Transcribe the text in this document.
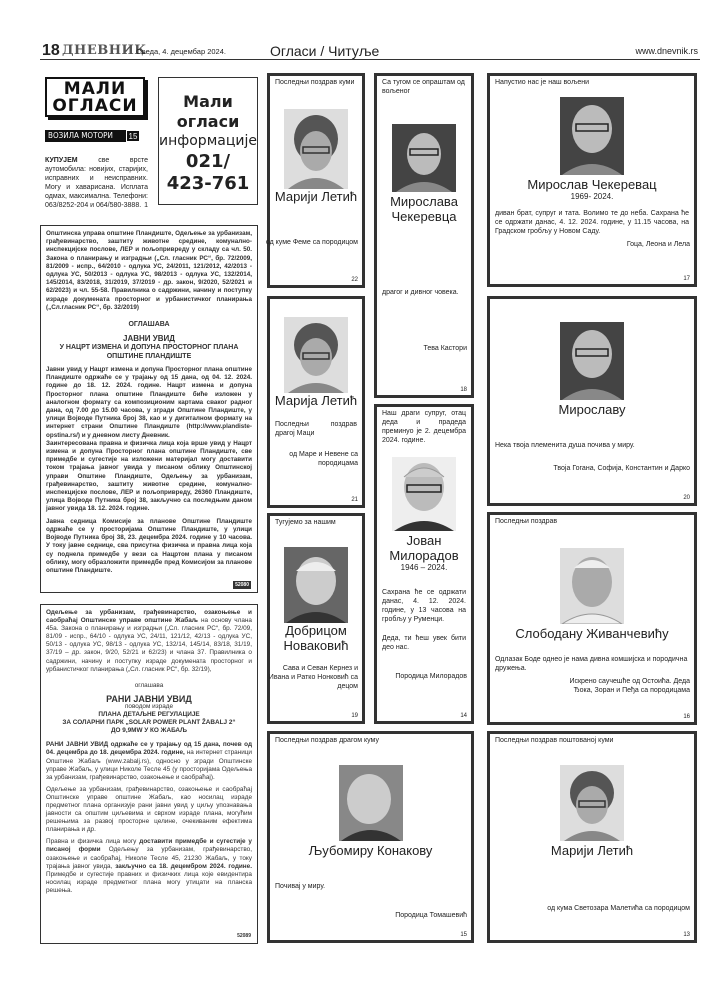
18 ДНЕВНИК
Среда, 4. децембар 2024.	Огласи / Читуље	www.dnevnik.rs
МАЛИ
ОГЛАСИ
ВОЗИЛА МОТОРИ	15
КУПУЈЕМ	све врсте аутомобила: новијих, старијих, исправних и неисправних. Могу и хаварисана. Исплата одмах, максимална. Телефони: 063/8252-204 и 064/580-3888. 1
Мали
огласи
информације
021/
423-761
Општинска управа општине Пландиште, Одељење за урбанизам, грађевинарство, заштиту животне средине, комунално-инспекцијске послове, ЛЕР и пољопривреду у складу са чл. 50. Закона о планирању и изградњи („Сл. гласник РС“, бр. 72/2009, 81/2009 - испр., 64/2010 - одлука УС, 24/2011, 121/2012, 42/2013 - одлука УС, 50/2013 - одлука УС, 98/2013 - одлука УС, 132/2014, 145/2014, 83/2018, 31/2019, 37/2019 - др. закон, 9/2020, 52/2021 и 62/2023) и чл. 55-58. Правилника о садржини, начину и поступку израде докумената просторног и урбанистичког планирања („Сл.гласник РС“, бр. 32/2019)
ОГЛАШАВА
ЈАВНИ УВИД
У НАЦРТ ИЗМЕНА И ДОПУНА ПРОСТОРНОГ ПЛАНА ОПШТИНЕ ПЛАНДИШТЕ
Јавни увид у Нацрт измена и допуна Просторног плана општине Пландиште одржаће се у трајању од 15 дана, од 04. 12. 2024. године до 18. 12. 2024. године. Нацрт измена и допуна Просторног плана општине Пландиште биће изложен у аналогном формату са композиционим картама сваког радног дана, од 7.00 до 15.00 часова, у згради Општине Пландиште, у улици Војводе Путника број 38, као и у дигиталном формату на интернет страни Општине Пландиште (http://www.plandiste-opstina.rs/) и у дневном листу Дневник.
Заинтересована правна и физичка лица која врше увид у Нацрт измена и допуна Просторног плана општине Пландиште, све примедбе и сугестије на изложени материјал могу доставити током трајања јавног увида у писаном облику Општинској управи Општине Пландиште, Одељењу за урбанизам, грађевинарство, заштиту животне средине, комунално-инспекцијске послове, ЛЕР и пољопривреду, 26360 Пландиште, улица Војводе Путника број 38, закључно са последњим даном јавног увида 18. 12. 2024. године.
Јавна седница Комисије за планове Општине Пландиште одржаће се у просторијама Општине Пландиште, у улици Војводе Путника број 38, 23. децембра 2024. године у 10 часова. У току јавне седнице, сва присутна физичка и правна лица која су поднела примедбе у вези са Нацртом плана у писаном облику, могу образложити примедбе пред Комисијом за планове општине Пландиште.
52080

Одељење за урбанизам, грађевинарство, озакоњење и саобраћај Општинске управе општине Жабаљ на основу члана 45а. Закона о планирању и изградњи („Сл. гласник РС“, бр. 72/09, 81/09 - испр., 64/10 - одлука УС, 24/11, 121/12, 42/13 - одлука УС, 50/13 - одлука УС, 98/13 - одлука УС, 132/14, 145/14, 83/18, 31/19, 37/19 – др. закон, 9/20, 52/21 и 62/23) и члана 37. Правилника о садржини, начину и поступку израде докумената просторног и урбанистичког планирања („Сл. гласник РС“, бр. 32/19),

оглашава
РАНИ ЈАВНИ УВИД
поводом израде
ПЛАНА ДЕТАЉНЕ РЕГУЛАЦИЈЕ
ЗА СОЛАРНИ ПАРК „SOLAR POWER PLANT ŽABALJ 2“
ДО 9,9MW У КО ЖАБАЉ

РАНИ ЈАВНИ УВИД одржаће се у трајању од 15 дана, почев од 04. децембра до 18. децембра 2024. године, на интернет страници Општине Жабаљ (www.zabalj.rs), односно у згради Општинске управе Жабаљ, у улици Николе Тесле 45 (у просторијама Одељења за урбанизам, грађевинарство, озакоњење и саобраћај).

Одељење за урбанизам, грађевинарство, озакоњење и саобраћај Општинске управе општине Жабаљ, као носилац израде предметног плана организује рани јавни увид у циљу упознавања јавности са општим циљевима и сврхом израде плана, могућим решењима за развој просторне целине, очекиваним ефектима планирања и др.

Правна и физичка лица могу доставити примедбе и сугестије у писаној форми Одељењу за урбанизам, грађевинарство, озакоњење и саобраћај, Николе Тесле 45, 21230 Жабаљ, у току трајања јавног увида, закључно са 18. децембром 2024. године. Примедбе и сугестије правних и физичких лица које евидентира носилац израде предметног плана могу утицати на планска решења.

52089
Последњи поздрав куми
Марији Летић
од куме Феме са породицом
22
Са тугом се опраштам од вољеног
Мирослава Чекеревца
драгог и дивног човека.
Тева Кастори
18
Напустио нас је наш вољени
Мирослав Чекеревац
1969- 2024.
диван брат, супруг и тата. Волимо те до неба. Сахрана ће се одржати данас, 4. 12. 2024. године, у 11.15 часова, на Градском гробљу у Новом Саду.
Гоца, Леона и Лела
17
Марија Летић
Последњи поздрав драгој Маци
од Маре и Невене са породицама
21
Наш драги супруг, отац деда и прадеда преминуо је 2. децембра 2024. године.
Јован Милорадов
1946 – 2024.
Сахрана ће се одржати данас, 4. 12. 2024. године, у 13 часова на гробљу у Руменци.
Деда, ти ћеш увек бити део нас.
Породица Милорадов
14
Мирославу
Нека твоја племенита душа почива у миру.
Твоја Гогана, Софија, Константин и Дарко
20
Тугујемо за нашим
Добрицом Новаковић
Сава и Севан Кернез и Ивана и Ратко Нонковић са децом
19
Последњи поздрав
Слободану Живанчевићу
Одлазак Боде однео је нама дивна комшијска и породична дружења.
Искрено саучешће од Остоића. Деда Ђока, Зоран и Пеђа са породицама
16
Последњи поздрав драгом куму
Љубомиру Конакову
Почивај у миру.
Породица Томашевић
15
Последњи поздрав поштованој куми
Марији Летић
од кума Светозара Малетића са породицом
13
